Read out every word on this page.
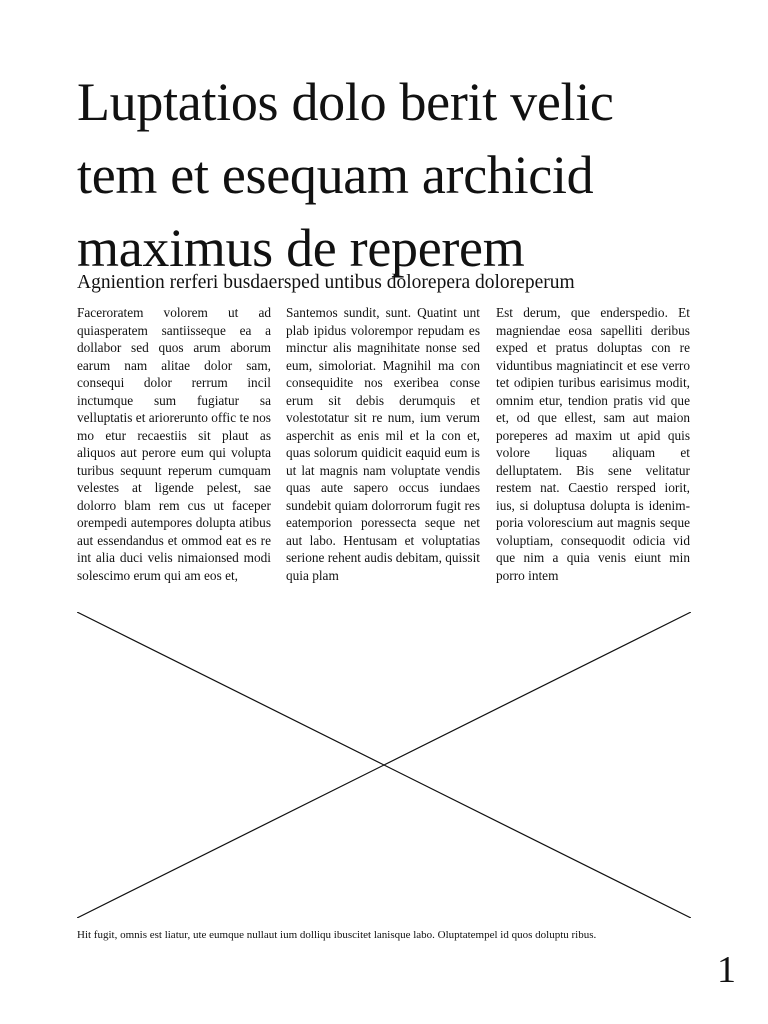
Luptatios dolo berit velic
tem et esequam archicid
maximus de reperem
Agniention rerferi busdaersped untibus dolorepera doloreperum
Faceroratem volorem ut ad quiasperatem santiisseque ea a dollabor sed quos arum aborum earum nam alitae dolor sam, consequi dolor rerrum incil inctumque sum fugiatur sa velluptatis et ariorerunto offic te nos mo etur recaestiis sit plaut as aliquos aut perore eum qui volupta turibus sequunt reperum cumquam velestes at ligende pelest, sae dolorro blam rem cus ut faceper orempedi autempores dolupta atibus aut essendandus et ommod eat es re int alia duci velis nimaionsed modi solescimo erum qui am eos et,
Santemos sundit, sunt. Quatint unt plab ipidus volorempor repudam es minctur alis magnihitate nonse sed eum, simoloriat. Magnihil ma con consequidite nos exeribea conse erum sit debis derumquis et volestotatur sit re num, ium verum asperchit as enis mil et la con et, quas solorum quidicit eaquid eum is ut lat magnis nam voluptate vendis quas aute sapero occus iundaes sundebit quiam dolorrorum fugit res eatemporion poressecta seque net aut labo. Hentusam et voluptatias serione rehent audis debitam, quissit quia plam
Est derum, que enderspedio. Et magniendae eosa sapelliti deribus exped et pratus doluptas con re viduntibus magniatincit et ese verro tet odipien turibus earisimus modit, omnim etur, tendion pratis vid que et, od que ellest, sam aut maion poreperes ad maxim ut apid quis volore liquas aliquam et delluptatem. Bis sene velitatur restem nat. Caestio rersped iorit, ius, si doluptusa dolupta is idenimporia volorescium aut magnis seque voluptiam, consequodit odicia vid que nim a quia venis eiunt min porro intem
Hit fugit, omnis est liatur, ute eumque nullaut ium dolliqu ibuscitet lanisque labo. Oluptatempel id quos doluptu ribus.
1
